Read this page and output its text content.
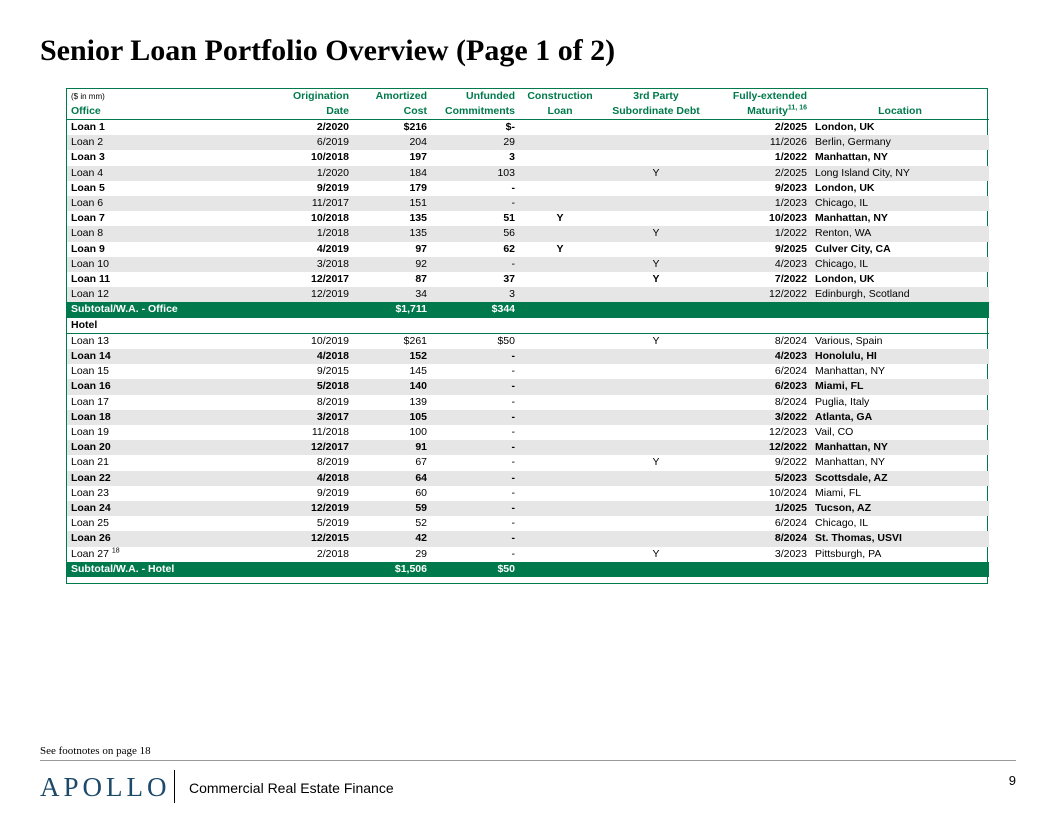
Senior Loan Portfolio Overview (Page 1 of 2)
($ in mm)	Origination	Amortized	Unfunded	Construction	3rd Party	Fully-extended	
Office	Date	Cost	Commitments	Loan	Subordinate Debt	Maturity$^{11, 16}$	Location
Loan 1	2/2020	$216	$-			2/2025	London, UK
Loan 2	6/2019	204	29			11/2026	Berlin, Germany
Loan 3	10/2018	197	3			1/2022	Manhattan, NY
Loan 4	1/2020	184	103		Y	2/2025	Long Island City, NY
Loan 5	9/2019	179	-			9/2023	London, UK
Loan 6	11/2017	151	-			1/2023	Chicago, IL
Loan 7	10/2018	135	51	Y		10/2023	Manhattan, NY
Loan 8	1/2018	135	56		Y	1/2022	Renton, WA
Loan 9	4/2019	97	62	Y		9/2025	Culver City, CA
Loan 10	3/2018	92	-		Y	4/2023	Chicago, IL
Loan 11	12/2017	87	37		Y	7/2022	London, UK
Loan 12	12/2019	34	3			12/2022	Edinburgh, Scotland
Subtotal/W.A. - Office		$1,711	$344				
Hotel							
Loan 13	10/2019	$261	$50		Y	8/2024	Various, Spain
Loan 14	4/2018	152	-			4/2023	Honolulu, HI
Loan 15	9/2015	145	-			6/2024	Manhattan, NY
Loan 16	5/2018	140	-			6/2023	Miami, FL
Loan 17	8/2019	139	-			8/2024	Puglia, Italy
Loan 18	3/2017	105	-			3/2022	Atlanta, GA
Loan 19	11/2018	100	-			12/2023	Vail, CO
Loan 20	12/2017	91	-			12/2022	Manhattan, NY
Loan 21	8/2019	67	-		Y	9/2022	Manhattan, NY
Loan 22	4/2018	64	-			5/2023	Scottsdale, AZ
Loan 23	9/2019	60	-			10/2024	Miami, FL
Loan 24	12/2019	59	-			1/2025	Tucson, AZ
Loan 25	5/2019	52	-			6/2024	Chicago, IL
Loan 26	12/2015	42	-			8/2024	St. Thomas, USVI
Loan 27 $^{18}$	2/2018	29	-		Y	3/2023	Pittsburgh, PA
Subtotal/W.A. - Hotel		$1,506	$50				
See footnotes on page 18
APOLLO Commercial Real Estate Finance	9
